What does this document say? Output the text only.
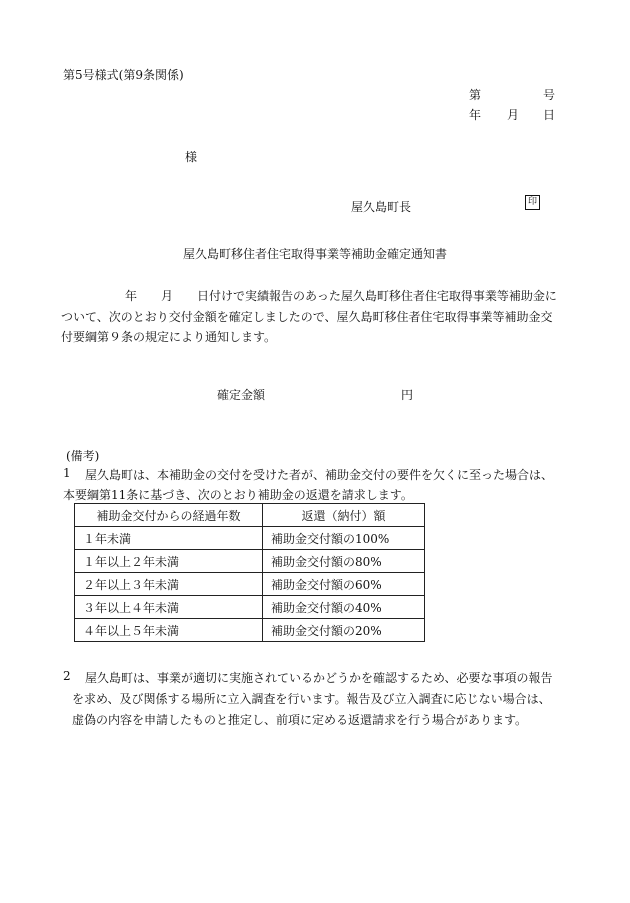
第5号様式(第9条関係)
第	号
年 月 日
様
屋久島町長	印
屋久島町移住者住宅取得事業等補助金確定通知書
年 月 日付けで実績報告のあった屋久島町移住者住宅取得事業等補助金に
ついて、次のとおり交付金額を確定しましたので、屋久島町移住者住宅取得事業等補助金交
付要綱第９条の規定により通知します。
確定金額	円
(備考)
1 屋久島町は、本補助金の交付を受けた者が、補助金交付の要件を欠くに至った場合は、
本要綱第11条に基づき、次のとおり補助金の返還を請求します。
補助金交付からの経過年数	返還（納付）額
１年未満	補助金交付額の100%
１年以上２年未満	補助金交付額の80%
２年以上３年未満	補助金交付額の60%
３年以上４年未満	補助金交付額の40%
４年以上５年未満	補助金交付額の20%
2 屋久島町は、事業が適切に実施されているかどうかを確認するため、必要な事項の報告
を求め、及び関係する場所に立入調査を行います。報告及び立入調査に応じない場合は、
虚偽の内容を申請したものと推定し、前項に定める返還請求を行う場合があります。
